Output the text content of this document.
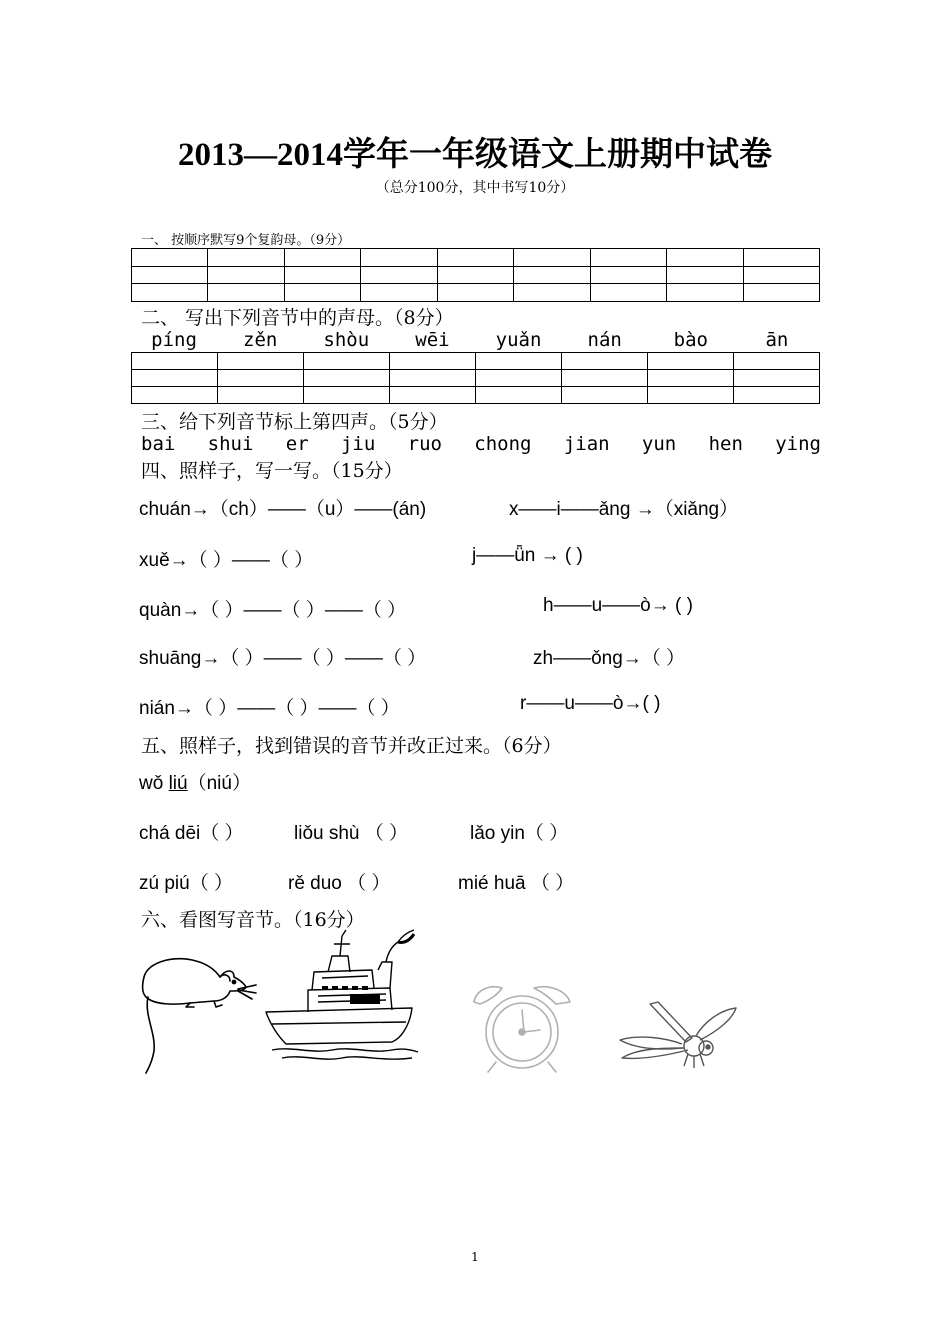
2013—2014学年一年级语文上册期中试卷
（总分100分，其中书写10分）
一、 按顺序默写9个复韵母。（9分）

二、 写出下列音节中的声母。（8分）
píng	zěn	shòu	wēi	yuǎn	nán	bào	ān

三、给下列音节标上第四声。（5分）
bai shui er jiu ruo chong jian yun hen ying
四、照样子，写一写。（15分）
chuán→（ch）——（u）——(án)	x——i——ǎng →（xiǎng）
xuě→（ ）——（ ）	j——ǖn → ( )
quàn→（ ）——（ ）——（ ）	h——u——ò→ ( )
shuāng→（ ）——（ ）——（ ）	zh——ǒng→（ ）
nián→（ ）——（ ）——（ ）	r——u——ò→( )
五、照样子，找到错误的音节并改正过来。（6分）
wǒ liú（niú）
chá dēi（ ）	liǒu shù （ ）	lǎo yin（ ）
zú piú（ ）	rě duo （ ）	mié huā （ ）
六、看图写音节。（16分）
1
